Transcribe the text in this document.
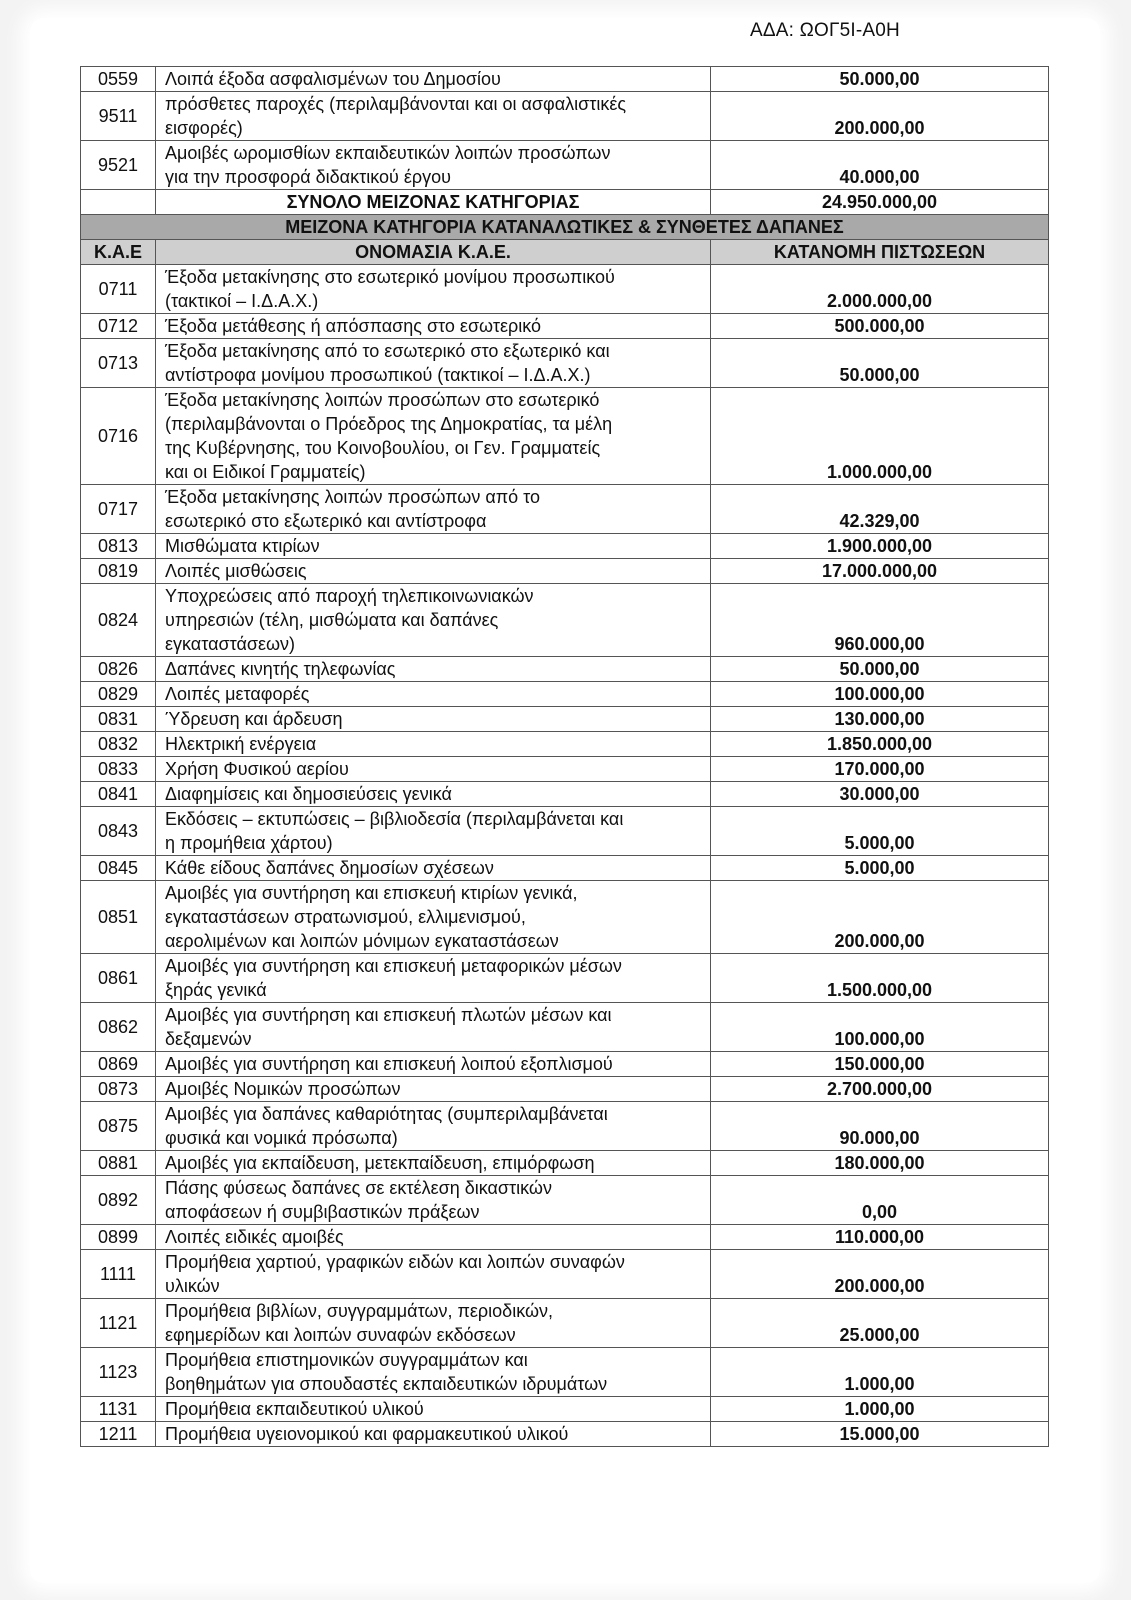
ΑΔΑ: ΩΟΓ5Ι-Α0Η
0559	Λοιπά έξοδα ασφαλισμένων του Δημοσίου	50.000,00
9511	πρόσθετες παροχές (περιλαμβάνονται και οι ασφαλιστικές
εισφορές)	200.000,00
9521	Αμοιβές ωρομισθίων εκπαιδευτικών λοιπών προσώπων
για την προσφορά διδακτικού έργου	40.000,00
	ΣΥΝΟΛΟ ΜΕΙΖΟΝΑΣ ΚΑΤΗΓΟΡΙΑΣ	24.950.000,00
ΜΕΙΖΟΝΑ ΚΑΤΗΓΟΡΙΑ ΚΑΤΑΝΑΛΩΤΙΚΕΣ & ΣΥΝΘΕΤΕΣ ΔΑΠΑΝΕΣ		
Κ.Α.Ε	ΟΝΟΜΑΣΙΑ Κ.Α.Ε.	ΚΑΤΑΝΟΜΗ ΠΙΣΤΩΣΕΩΝ
0711	Έξοδα μετακίνησης στο εσωτερικό μονίμου προσωπικού
(τακτικοί – Ι.Δ.Α.Χ.)	2.000.000,00
0712	Έξοδα μετάθεσης ή απόσπασης στο εσωτερικό	500.000,00
0713	Έξοδα μετακίνησης από το εσωτερικό στο εξωτερικό και
αντίστροφα μονίμου προσωπικού (τακτικοί – Ι.Δ.Α.Χ.)	50.000,00
0716	Έξοδα μετακίνησης λοιπών προσώπων στο εσωτερικό
(περιλαμβάνονται ο Πρόεδρος της Δημοκρατίας, τα μέλη
της Κυβέρνησης, του Κοινοβουλίου, οι Γεν. Γραμματείς
και οι Ειδικοί Γραμματείς)	1.000.000,00
0717	Έξοδα μετακίνησης λοιπών προσώπων από το
εσωτερικό στο εξωτερικό και αντίστροφα	42.329,00
0813	Μισθώματα κτιρίων	1.900.000,00
0819	Λοιπές μισθώσεις	17.000.000,00
0824	Υποχρεώσεις από παροχή τηλεπικοινωνιακών
υπηρεσιών (τέλη, μισθώματα και δαπάνες
εγκαταστάσεων)	960.000,00
0826	Δαπάνες κινητής τηλεφωνίας	50.000,00
0829	Λοιπές μεταφορές	100.000,00
0831	Ύδρευση και άρδευση	130.000,00
0832	Ηλεκτρική ενέργεια	1.850.000,00
0833	Χρήση Φυσικού αερίου	170.000,00
0841	Διαφημίσεις και δημοσιεύσεις γενικά	30.000,00
0843	Εκδόσεις – εκτυπώσεις – βιβλιοδεσία (περιλαμβάνεται και
η προμήθεια χάρτου)	5.000,00
0845	Κάθε είδους δαπάνες δημοσίων σχέσεων	5.000,00
0851	Αμοιβές για συντήρηση και επισκευή κτιρίων γενικά,
εγκαταστάσεων στρατωνισμού, ελλιμενισμού,
αερολιμένων και λοιπών μόνιμων εγκαταστάσεων	200.000,00
0861	Αμοιβές για συντήρηση και επισκευή μεταφορικών μέσων
ξηράς γενικά	1.500.000,00
0862	Αμοιβές για συντήρηση και επισκευή πλωτών μέσων και
δεξαμενών	100.000,00
0869	Αμοιβές για συντήρηση και επισκευή λοιπού εξοπλισμού	150.000,00
0873	Αμοιβές Νομικών προσώπων	2.700.000,00
0875	Αμοιβές για δαπάνες καθαριότητας (συμπεριλαμβάνεται
φυσικά και νομικά πρόσωπα)	90.000,00
0881	Αμοιβές για εκπαίδευση, μετεκπαίδευση, επιμόρφωση	180.000,00
0892	Πάσης φύσεως δαπάνες σε εκτέλεση δικαστικών
αποφάσεων ή συμβιβαστικών πράξεων	0,00
0899	Λοιπές ειδικές αμοιβές	110.000,00
1111	Προμήθεια χαρτιού, γραφικών ειδών και λοιπών συναφών
υλικών	200.000,00
1121	Προμήθεια βιβλίων, συγγραμμάτων, περιοδικών,
εφημερίδων και λοιπών συναφών εκδόσεων	25.000,00
1123	Προμήθεια επιστημονικών συγγραμμάτων και
βοηθημάτων για σπουδαστές εκπαιδευτικών ιδρυμάτων	1.000,00
1131	Προμήθεια εκπαιδευτικού υλικού	1.000,00
1211	Προμήθεια υγειονομικού και φαρμακευτικού υλικού	15.000,00
